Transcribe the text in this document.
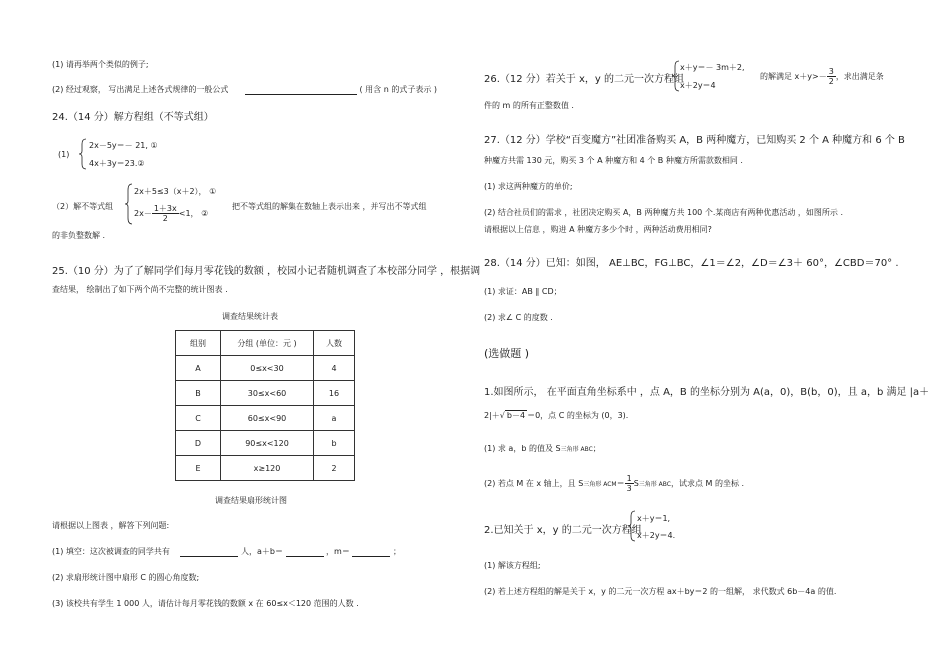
(1) 请再举两个类似的例子;
(2) 经过观察， 写出满足上述各式规律的一般公式	( 用含 n 的式子表示 )
24.（14 分）解方程组（不等式组）
(1)
2x－5y＝－ 21, ①
4x＋3y＝23.②
（2）解不等式组
2x＋5≤3（x＋2）， ①
$2x- \frac{1+3x}{2} <1$， ②
把不等式组的解集在数轴上表示出来 ，并写出不等式组
的非负整数解 .
25.（10 分）为了了解同学们每月零花钱的数额 ，校园小记者随机调查了本校部分同学 ，根据调
查结果， 绘制出了如下两个尚不完整的统计图表 .
调查结果统计表
组别	分组 (单位：元 )	人数
A	0≤x<30	4
B	30≤x<60	16
C	60≤x<90	a
D	90≤x<120	b
E	x≥120	2
调查结果扇形统计图
请根据以上图表 ，解答下列问题:
(1) 填空：这次被调查的同学共有	人，a＋b＝	，m＝	；
(2) 求扇形统计图中扇形 C 的圆心角度数;
(3) 该校共有学生 1 000 人，请估计每月零花钱的数额 x 在 60≤x＜120 范围的人数 .
26.（12 分）若关于 x，y 的二元一次方程组
x＋y＝－ 3m＋2,
x＋2y＝4
的解满足 $x+y>- \frac{3}{2}$ ，求出满足条
件的 m 的所有正整数值 .
27.（12 分）学校“百变魔方”社团准备购买 A，B 两种魔方，已知购买 2 个 A 种魔方和 6 个 B
种魔方共需 130 元，购买 3 个 A 种魔方和 4 个 B 种魔方所需款数相同 .
(1) 求这两种魔方的单价;
(2) 结合社员们的需求 ，社团决定购买 A，B 两种魔方共 100 个.某商店有两种优惠活动 ，如图所示 .
请根据以上信息 ，购进 A 种魔方多少个时 ，两种活动费用相同?
28.（14 分）已知：如图， AE⊥BC，FG⊥BC，∠1＝∠2，∠D＝∠3＋ 60°，∠CBD＝70° .
(1) 求证：AB ∥ CD；
(2) 求∠ C 的度数 .
(选做题 )
1.如图所示， 在平面直角坐标系中 ，点 A，B 的坐标分别为 A(a，0)，B(b，0)，且 a，b 满足 |a＋
2|＋√ b－4 ＝0，点 C 的坐标为 (0，3).
(1) 求 a，b 的值及 S三角形 ABC；
(2) 若点 M 在 x 轴上，且 S三角形 $ACM= \frac{1}{3}$ S三角形 ABC，试求点 M 的坐标 .
2.已知关于 x，y 的二元一次方程组
x＋y＝1,
x＋2y＝4.
(1) 解该方程组;
(2) 若上述方程组的解是关于 x，y 的二元一次方程 ax＋by＝2 的一组解， 求代数式 6b－4a 的值.
